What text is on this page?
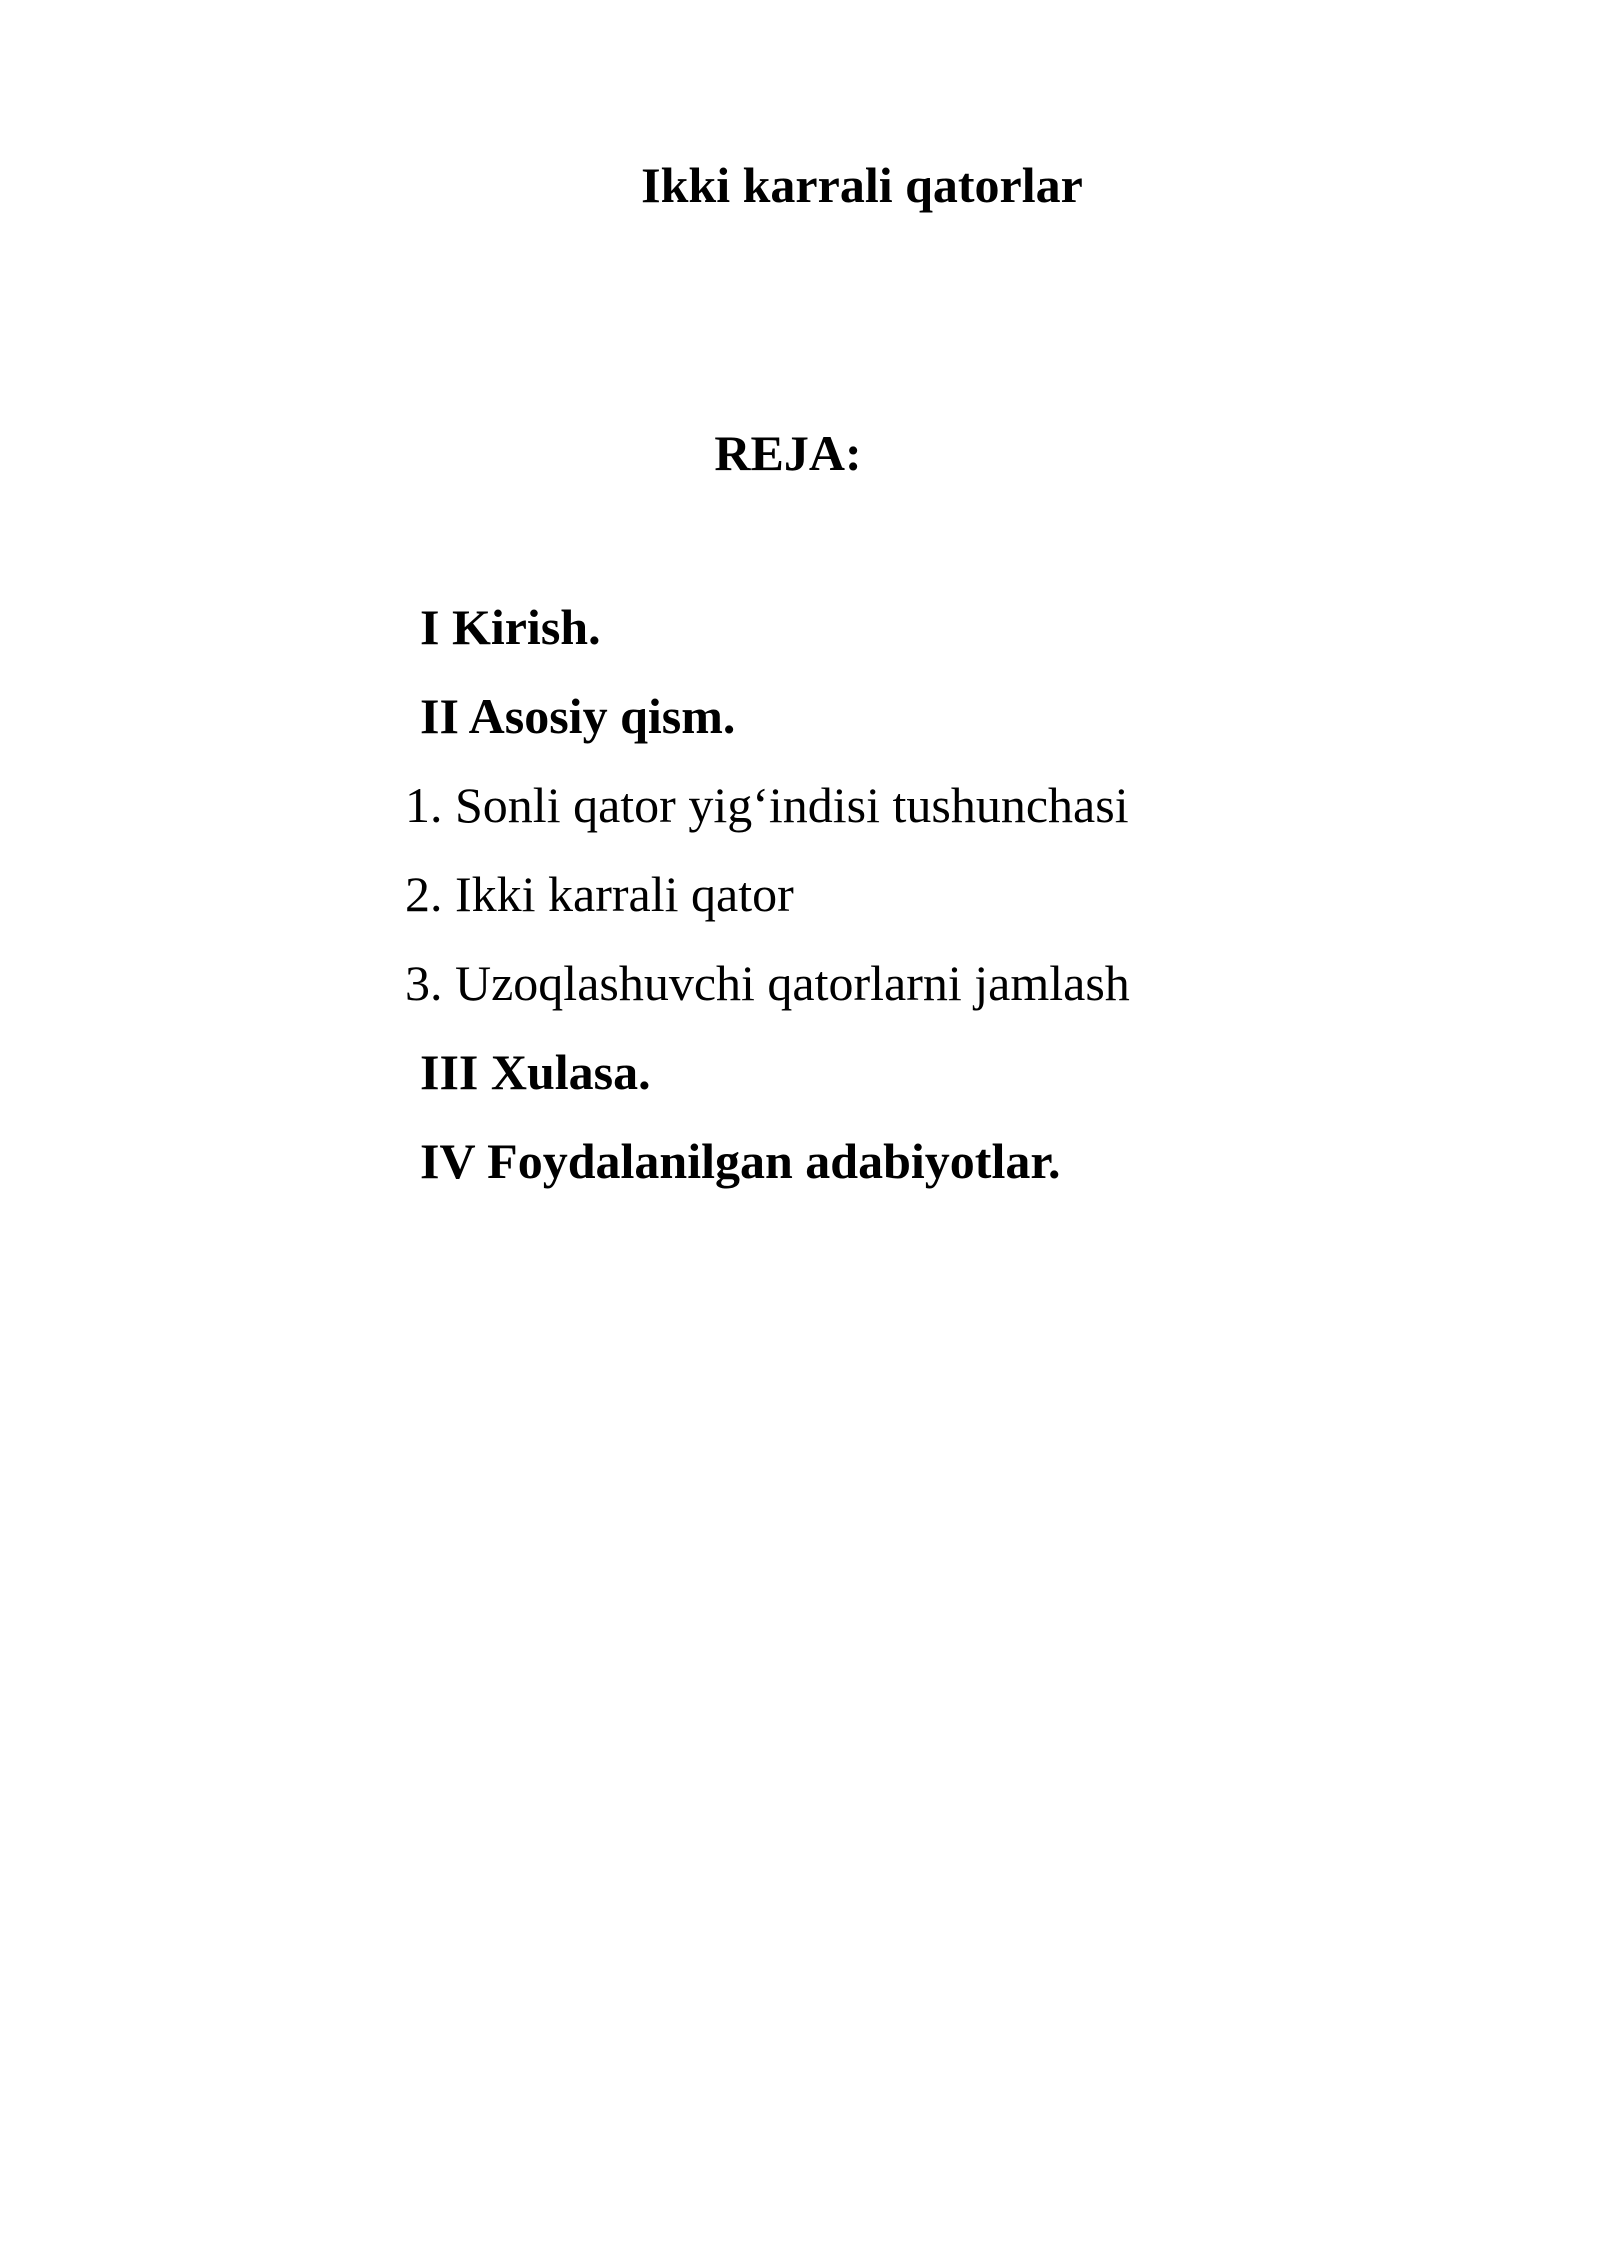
Ikki karrali qatorlar
REJA:
I Kirish.
II Asosiy qism.
1. Sonli qator yig‘indisi tushunchasi
2. Ikki karrali qator
3. Uzoqlashuvchi qatorlarni jamlash
III Xulasa.
IV Foydalanilgan adabiyotlar.
